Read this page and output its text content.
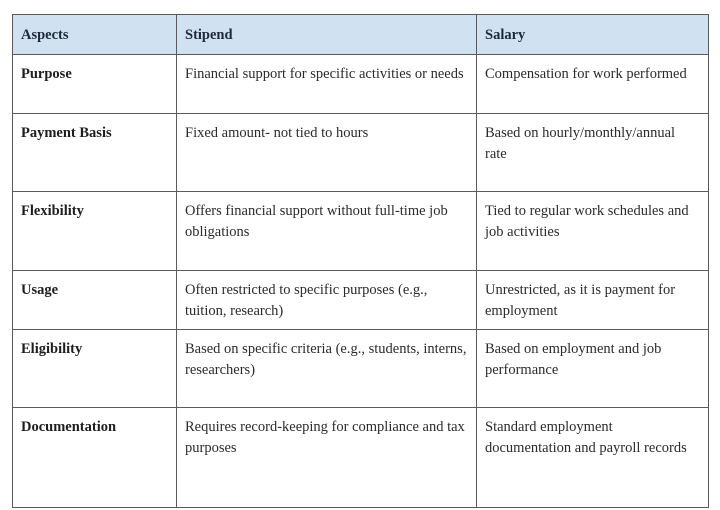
Aspects	Stipend	Salary
Purpose	Financial support for specific activities or needs	Compensation for work performed
Payment Basis	Fixed amount- not tied to hours	Based on hourly/monthly/annual rate
Flexibility	Offers financial support without full-time job obligations	Tied to regular work schedules and job activities
Usage	Often restricted to specific purposes (e.g., tuition, research)	Unrestricted, as it is payment for employment
Eligibility	Based on specific criteria (e.g., students, interns, researchers)	Based on employment and job performance
Documentation	Requires record-keeping for compliance and tax purposes	Standard employment documentation and payroll records
